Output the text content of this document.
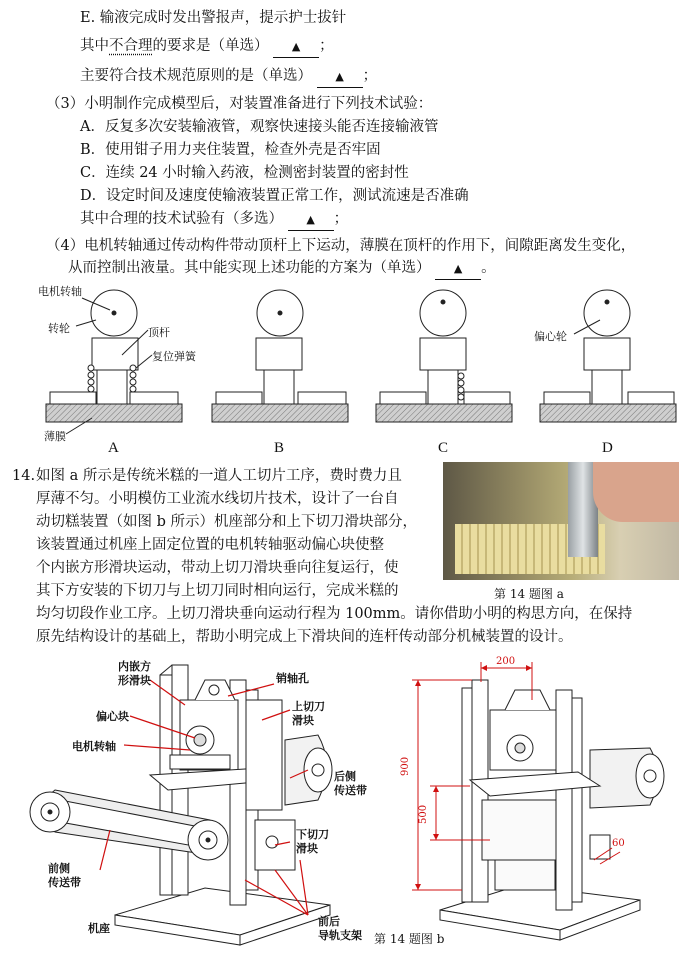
E. 输液完成时发出警报声，提示护士拔针
其中不合理的要求是（单选） ▲ ；
主要符合技术规范原则的是（单选） ▲ ；
（3）小明制作完成模型后，对装置准备进行下列技术试验：
A．反复多次安装输液管，观察快速接头能否连接输液管
B．使用钳子用力夹住装置，检查外壳是否牢固
C．连续 24 小时输入药液，检测密封装置的密封性
D．设定时间及速度使输液装置正常工作，测试流速是否准确
其中合理的技术试验有（多选） ▲ ；
（4）电机转轴通过传动构件带动顶杆上下运动，薄膜在顶杆的作用下，间隙距离发生变化，
从而控制出液量。其中能实现上述功能的方案为（单选） ▲ 。
电机转轴
转轮	顶杆
复位弹簧
薄膜
偏心轮
A	B	C	D
14. 如图 a 所示是传统米糕的一道人工切片工序，费时费力且
厚薄不匀。小明模仿工业流水线切片技术，设计了一台自
动切糕装置（如图 b 所示）机座部分和上下切刀滑块部分，
该装置通过机座上固定位置的电机转轴驱动偏心块使整
个内嵌方形滑块运动，带动上切刀滑块垂向往复运行，使
其下方安装的下切刀与上切刀同时相向运行，完成米糕的
均匀切段作业工序。上切刀滑块垂向运动行程为 100mm。请你借助小明的构思方向，在保持
原先结构设计的基础上，帮助小明完成上下滑块间的连杆传动部分机械装置的设计。
第 14 题图 a
内嵌方
形滑块	销轴孔
偏心块
上切刀
滑块
电机转轴
后侧
传送带
下切刀
滑块
前侧
传送带
机座
前后
导轨支架 第 14 题图 b
200
900
500
60
